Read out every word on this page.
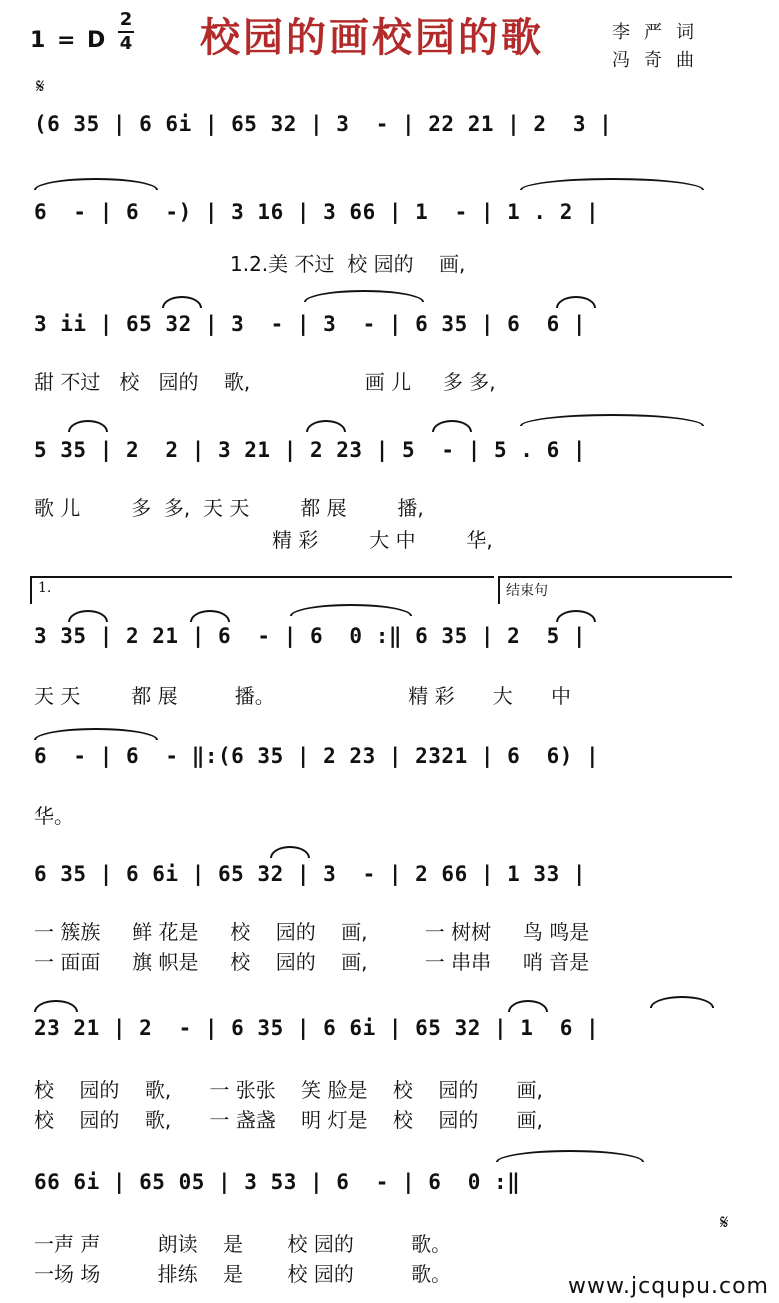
1 = D
2
4 校园的画校园的歌	李严词
冯奇曲
𝄋
(6 35 | 6 6i | 65 32 | 3  - | 22 21 | 2  3 |
6  - | 6  -) | 3 16 | 3 66 | 1  - | 1 . 2 |
1.2.美 不过  校 园的    画,
3 ii | 65 32 | 3  - | 3  - | 6 35 | 6  6 |
甜 不过   校   园的    歌,                  画 儿     多 多,
5 35 | 2  2 | 3 21 | 2 23 | 5  - | 5 . 6 |
歌 儿        多  多,  天 天        都 展        播,
精 彩        大 中        华,
1.	结束句
3 35 | 2 21 | 6  - | 6  0 :‖ 6 35 | 2  5 |
天 天        都 展         播。                     精 彩      大      中
6  - | 6  - ‖:(6 35 | 2 23 | 2321 | 6  6) |
华。
6 35 | 6 6i | 65 32 | 3  - | 2 66 | 1 33 |
一 簇族     鲜 花是     校    园的    画,         一 树树     鸟 鸣是
一 面面     旗 帜是     校    园的    画,         一 串串     哨 音是
23 21 | 2  - | 6 35 | 6 6i | 65 32 | 1  6 |
校    园的    歌,      一 张张    笑 脸是    校    园的      画,
校    园的    歌,      一 盏盏    明 灯是    校    园的      画,
66 6i | 65 05 | 3 53 | 6  - | 6  0 :‖
𝄋
一声 声         朗读    是       校 园的         歌。
一场 场         排练    是       校 园的         歌。	www.jcqupu.com
